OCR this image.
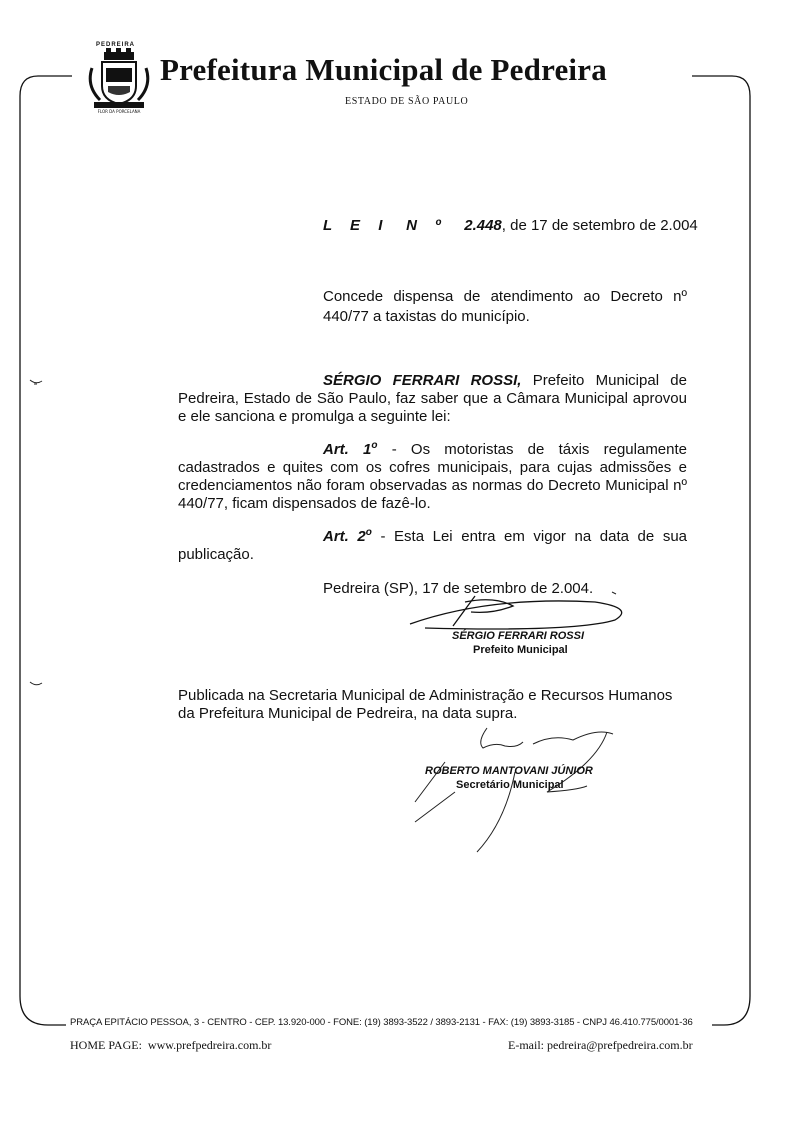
FLOR DA PORCELANA
PEDREIRA
Prefeitura Municipal de Pedreira
ESTADO DE SÃO PAULO
L E I N º 2.448, de 17 de setembro de 2.004
Concede dispensa de atendimento ao Decreto nº 440/77 a taxistas do município.
SÉRGIO FERRARI ROSSI, Prefeito Municipal de Pedreira, Estado de São Paulo, faz saber que a Câmara Municipal aprovou e ele sanciona e promulga a seguinte lei:
Art. 1$^o$ - Os motoristas de táxis regulamente cadastrados e quites com os cofres municipais, para cujas admissões e credenciamentos não foram observadas as normas do Decreto Municipal nº 440/77, ficam dispensados de fazê-lo.
Art. 2$^o$ - Esta Lei entra em vigor na data de sua publicação.
Pedreira (SP), 17 de setembro de 2.004.
SÉRGIO FERRARI ROSSI
Prefeito Municipal
Publicada na Secretaria Municipal de Administração e Recursos Humanos da Prefeitura Municipal de Pedreira, na data supra.
ROBERTO MANTOVANI JÚNIOR
Secretário Municipal
PRAÇA EPITÁCIO PESSOA, 3 - CENTRO - CEP. 13.920-000 - FONE: (19) 3893-3522 / 3893-2131 - FAX: (19) 3893-3185 - CNPJ 46.410.775/0001-36
HOME PAGE: www.prefpedreira.com.br	E-mail: pedreira@prefpedreira.com.br
